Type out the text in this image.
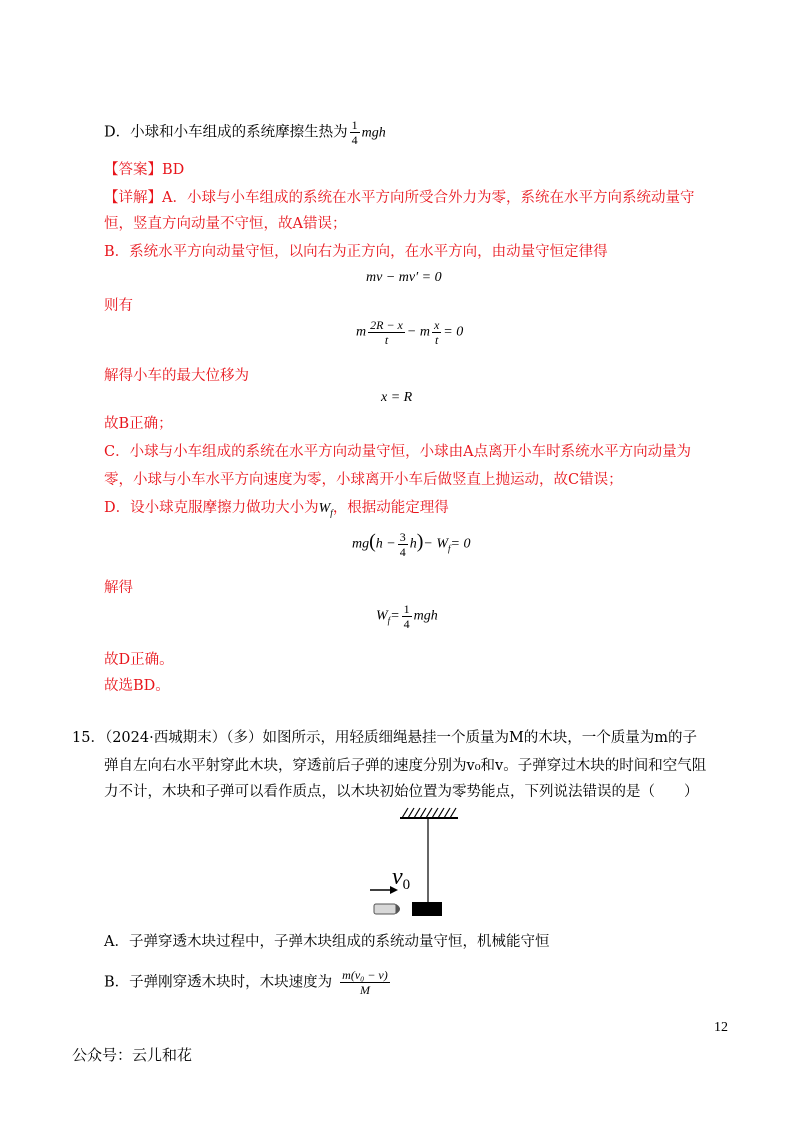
D．小球和小车组成的系统摩擦生热为 $\frac{1}{4}$ mgh
【答案】BD
【详解】A．小球与小车组成的系统在水平方向所受合外力为零，系统在水平方向系统动量守
恒，竖直方向动量不守恒，故A错误；
B．系统水平方向动量守恒，以向右为正方向，在水平方向，由动量守恒定律得
mv − mv′ = 0
则有
m $\frac{2R - x}{t} - m \frac{x}{t} = 0$
解得小车的最大位移为
x = R
故B正确；
C．小球与小车组成的系统在水平方向动量守恒，小球由A点离开小车时系统水平方向动量为
零，小球与小车水平方向速度为零，小球离开小车后做竖直上抛运动，故C错误；
D．设小球克服摩擦力做功大小为$W_f$，根据动能定理得
$mg(h - \frac{3}{4} h)- W_f= 0$
解得
$W_f= \frac{1}{4}$ mgh
故D正确。
故选BD。
15．（2024·西城期末）（多）如图所示，用轻质细绳悬挂一个质量为M的木块，一个质量为m的子
弹自左向右水平射穿此木块，穿透前后子弹的速度分别为v₀和v。子弹穿过木块的时间和空气阻
力不计，木块和子弹可以看作质点，以木块初始位置为零势能点，下列说法错误的是（　　）
$v_0$
A．子弹穿透木块过程中，子弹木块组成的系统动量守恒，机械能守恒
B．子弹刚穿透木块时，木块速度为 $\frac{\text{m(v₀ − v)}}{M}$
12
公众号：云儿和花
